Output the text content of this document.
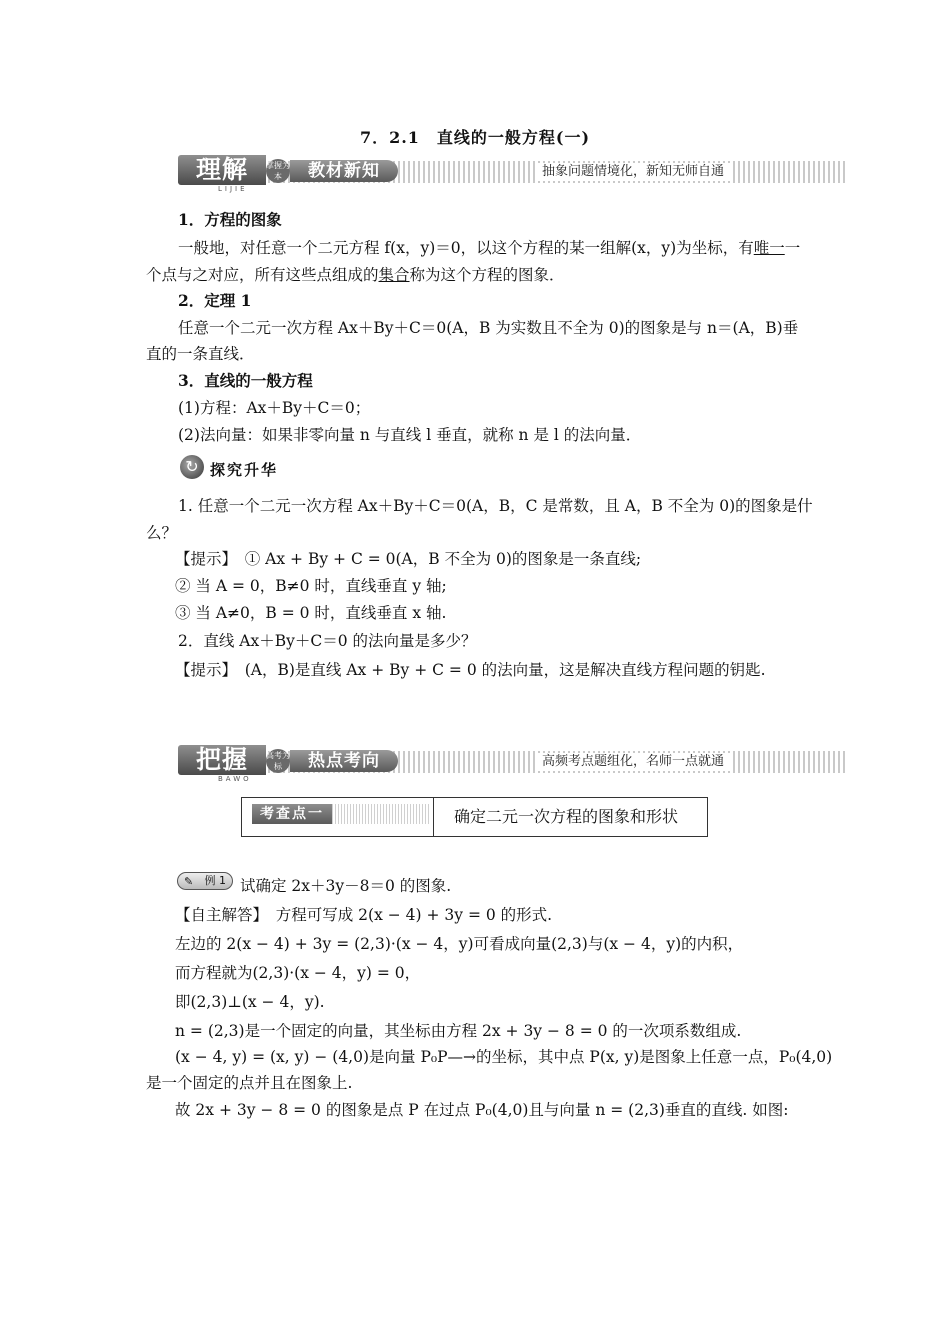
7．2.1　直线的一般方程(一)
理解
LIJIE
掌握为本	教材新知	抽象问题情境化，新知无师自通
1．方程的图象
一般地，对任意一个二元方程 f(x，y)＝0，以这个方程的某一组解(x，y)为坐标，有唯一一
个点与之对应，所有这些点组成的集合称为这个方程的图象．
2．定理 1
任意一个二元一次方程 Ax＋By＋C＝0(A，B 为实数且不全为 0)的图象是与 n＝(A，B)垂
直的一条直线．
3．直线的一般方程
(1)方程：Ax＋By＋C＝0；
(2)法向量：如果非零向量 n 与直线 l 垂直，就称 n 是 l 的法向量．
↻ 探究升华
1. 任意一个二元一次方程 Ax＋By＋C＝0(A，B，C 是常数，且 A，B 不全为 0)的图象是什
么？
【提示】　① Ax + By + C = 0(A，B 不全为 0)的图象是一条直线;
② 当 A = 0，B≠0 时，直线垂直 y 轴;
③ 当 A≠0，B = 0 时，直线垂直 x 轴.
2．直线 Ax＋By＋C＝0 的法向量是多少？
【提示】　(A，B)是直线 Ax + By + C = 0 的法向量，这是解决直线方程问题的钥匙.
把握
BAWO
高考为标	热点考向	高频考点题组化，名师一点就通
考查点一	确定二元一次方程的图象和形状
✎ 例 1 试确定 2x＋3y－8＝0 的图象.
【自主解答】　方程可写成 2(x − 4) + 3y = 0 的形式.
左边的 2(x − 4) + 3y = (2,3)·(x − 4，y)可看成向量(2,3)与(x − 4，y)的内积，
而方程就为(2,3)·(x − 4，y) = 0，
即(2,3)⊥(x − 4，y).
n = (2,3)是一个固定的向量，其坐标由方程 2x + 3y − 8 = 0 的一次项系数组成.
(x − 4, y) = (x, y) − (4,0)是向量 P₀P—→的坐标，其中点 P(x, y)是图象上任意一点，P₀(4,0)
是一个固定的点并且在图象上.
故 2x + 3y − 8 = 0 的图象是点 P 在过点 P₀(4,0)且与向量 n = (2,3)垂直的直线. 如图:
